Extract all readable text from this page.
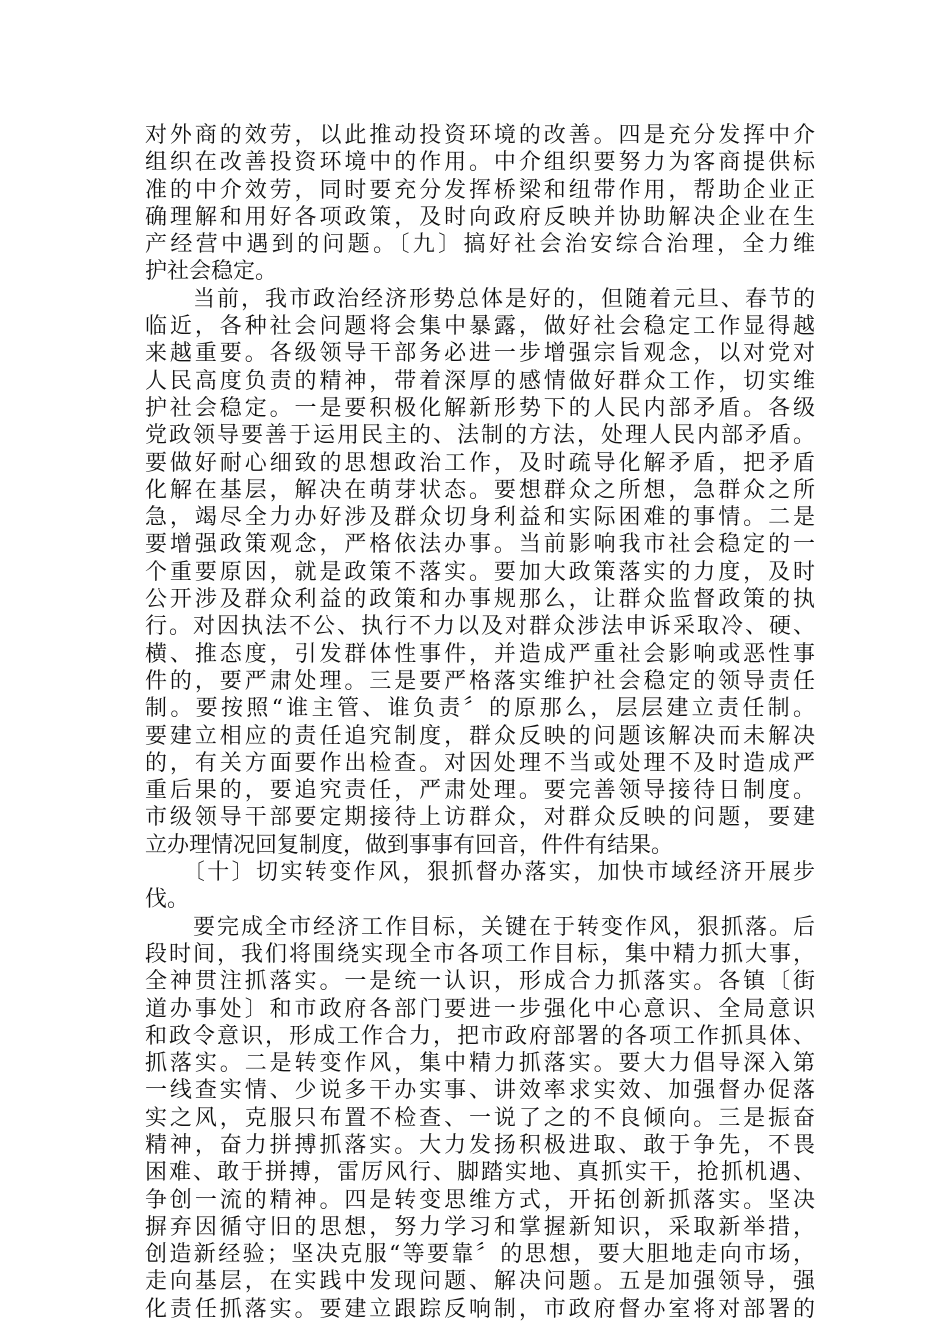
对外商的效劳，以此推动投资环境的改善。四是充分发挥中介
组织在改善投资环境中的作用。中介组织要努力为客商提供标
准的中介效劳，同时要充分发挥桥梁和纽带作用，帮助企业正
确理解和用好各项政策，及时向政府反映并协助解决企业在生
产经营中遇到的问题。〔九〕搞好社会治安综合治理，全力维
护社会稳定。
　　当前，我市政治经济形势总体是好的，但随着元旦、春节的
临近，各种社会问题将会集中暴露，做好社会稳定工作显得越
来越重要。各级领导干部务必进一步增强宗旨观念，以对党对
人民高度负责的精神，带着深厚的感情做好群众工作，切实维
护社会稳定。一是要积极化解新形势下的人民内部矛盾。各级
党政领导要善于运用民主的、法制的方法，处理人民内部矛盾。
要做好耐心细致的思想政治工作，及时疏导化解矛盾，把矛盾
化解在基层，解决在萌芽状态。要想群众之所想，急群众之所
急，竭尽全力办好涉及群众切身利益和实际困难的事情。二是
要增强政策观念，严格依法办事。当前影响我市社会稳定的一
个重要原因，就是政策不落实。要加大政策落实的力度，及时
公开涉及群众利益的政策和办事规那么，让群众监督政策的执
行。对因执法不公、执行不力以及对群众涉法申诉采取冷、硬、
横、推态度，引发群体性事件，并造成严重社会影响或恶性事
件的，要严肃处理。三是要严格落实维护社会稳定的领导责任
制。要按照“谁主管、谁负责〞的原那么，层层建立责任制。
要建立相应的责任追究制度，群众反映的问题该解决而未解决
的，有关方面要作出检查。对因处理不当或处理不及时造成严
重后果的，要追究责任，严肃处理。要完善领导接待日制度。
市级领导干部要定期接待上访群众，对群众反映的问题，要建
立办理情况回复制度，做到事事有回音，件件有结果。
　　〔十〕切实转变作风，狠抓督办落实，加快市域经济开展步
伐。
　　要完成全市经济工作目标，关键在于转变作风，狠抓落。后
段时间，我们将围绕实现全市各项工作目标，集中精力抓大事，
全神贯注抓落实。一是统一认识，形成合力抓落实。各镇〔街
道办事处〕和市政府各部门要进一步强化中心意识、全局意识
和政令意识，形成工作合力，把市政府部署的各项工作抓具体、
抓落实。二是转变作风，集中精力抓落实。要大力倡导深入第
一线查实情、少说多干办实事、讲效率求实效、加强督办促落
实之风，克服只布置不检查、一说了之的不良倾向。三是振奋
精神，奋力拼搏抓落实。大力发扬积极进取、敢于争先，不畏
困难、敢于拼搏，雷厉风行、脚踏实地、真抓实干，抢抓机遇、
争创一流的精神。四是转变思维方式，开拓创新抓落实。坚决
摒弃因循守旧的思想，努力学习和掌握新知识，采取新举措，
创造新经验；坚决克服“等要靠〞的思想，要大胆地走向市场，
走向基层，在实践中发现问题、解决问题。五是加强领导，强
化责任抓落实。要建立跟踪反响制，市政府督办室将对部署的
